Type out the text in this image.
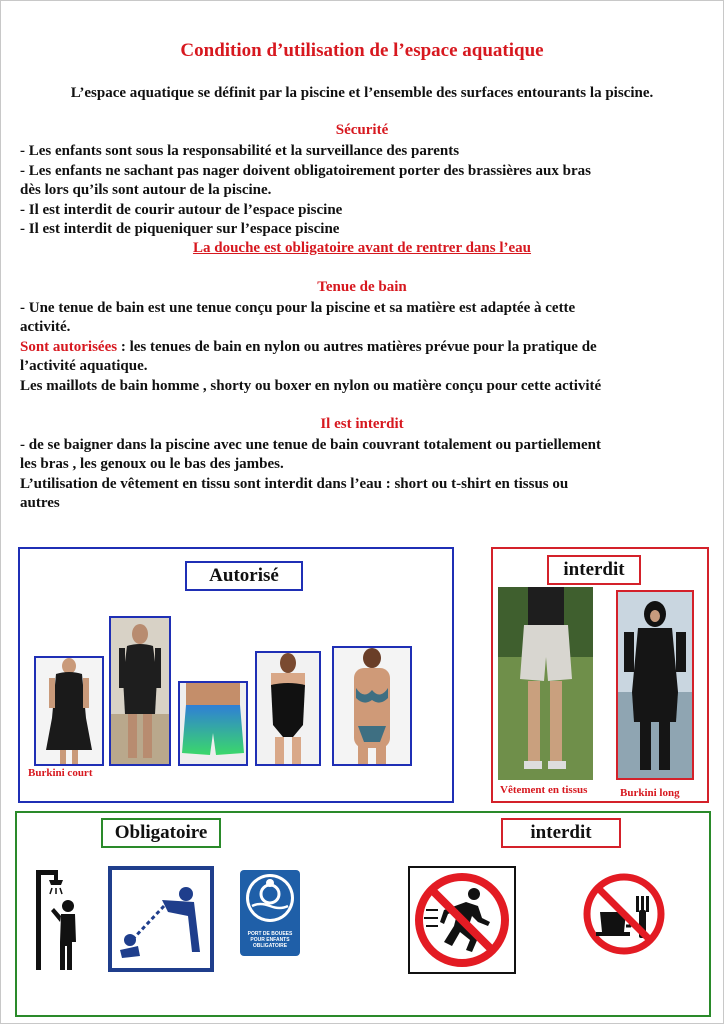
Condition d’utilisation de l’espace aquatique
L’espace aquatique se définit par la piscine et l’ensemble des surfaces entourants la piscine.
Sécurité
- Les enfants sont sous la responsabilité et la surveillance des parents
- Les enfants ne sachant pas nager doivent obligatoirement porter des brassières aux bras
dès lors qu’ils sont autour de la piscine.
- Il est interdit de courir autour de l’espace piscine
- Il est interdit de piqueniquer sur l’espace piscine
La douche est obligatoire avant de rentrer dans l’eau
Tenue de bain
- Une tenue de bain est une tenue conçu pour la piscine et sa matière est adaptée à cette
activité.
Sont autorisées : les tenues de bain en nylon ou autres matières prévue pour la pratique de
l’activité aquatique.
Les maillots de bain homme , shorty ou boxer en nylon ou matière conçu pour cette activité
Il est interdit
- de se baigner dans la piscine avec une tenue de bain couvrant totalement ou partiellement
les bras , les genoux ou le bas des jambes.
L’utilisation de vêtement en tissu sont interdit dans l’eau : short ou t-shirt en tissus ou
autres
Autorisé
Burkini court
interdit
Vêtement en tissus	Burkini long
Obligatoire	interdit
PORT DE BOUEES
POUR ENFANTS
OBLIGATOIRE
